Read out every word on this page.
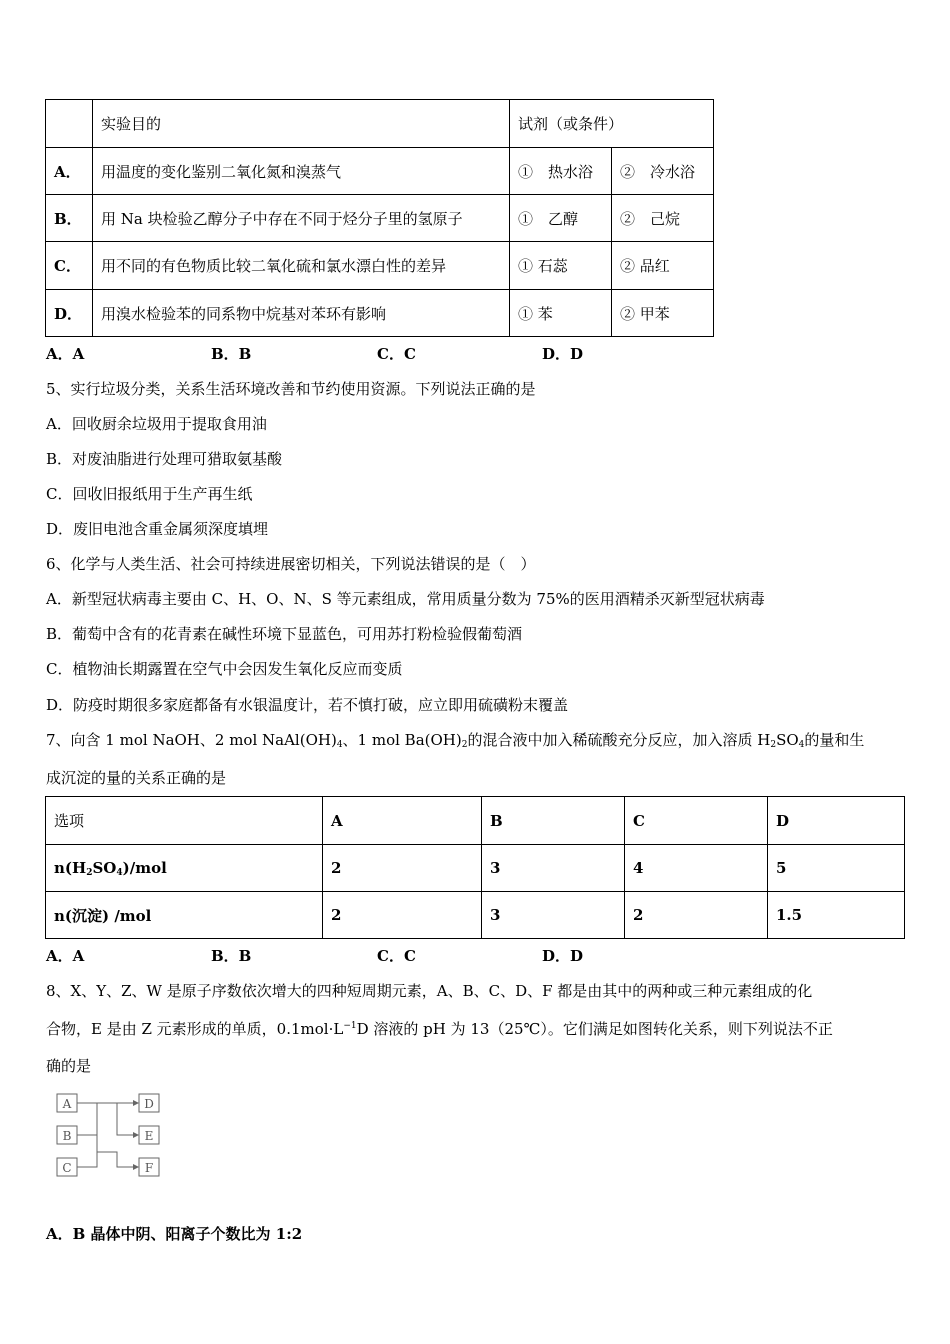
	实验目的	试剂（或条件）	
A．	用温度的变化鉴别二氧化氮和溴蒸气	①　热水浴	②　冷水浴
B．	用 Na 块检验乙醇分子中存在不同于烃分子里的氢原子	①　乙醇	②　己烷
C．	用不同的有色物质比较二氧化硫和氯水漂白性的差异	① 石蕊	② 品红
D．	用溴水检验苯的同系物中烷基对苯环有影响	① 苯	② 甲苯
A．A	B．B	C．C	D．D
5、实行垃圾分类，关系生活环境改善和节约使用资源。下列说法正确的是
A．回收厨余垃圾用于提取食用油
B．对废油脂进行处理可猎取氨基酸
C．回收旧报纸用于生产再生纸
D．废旧电池含重金属须深度填埋
6、化学与人类生活、社会可持续进展密切相关，下列说法错误的是（　）
A．新型冠状病毒主要由 C、H、O、N、S 等元素组成，常用质量分数为 75%的医用酒精杀灭新型冠状病毒
B．葡萄中含有的花青素在碱性环境下显蓝色，可用苏打粉检验假葡萄酒
C．植物油长期露置在空气中会因发生氧化反应而变质
D．防疫时期很多家庭都备有水银温度计，若不慎打破，应立即用硫磺粉末覆盖
7、向含 1 mol NaOH、2 mol $NaAl(OH)_4$、1 mol $Ba(OH)_2$的混合液中加入稀硫酸充分反应，加入溶质 $H_2SO_4$的量和生
成沉淀的量的关系正确的是
选项	A	B	C	D
$n(H_2SO_4)$/mol	2	3	4	5
n(沉淀) /mol	2	3	2	1.5
A．A	B．B	C．C	D．D
8、X、Y、Z、W 是原子序数依次增大的四种短周期元素，A、B、C、D、F 都是由其中的两种或三种元素组成的化
合物，E 是由 Z 元素形成的单质，$0.1mol\cdot L^{-1}D$ 溶液的 pH 为 13（25℃）。它们满足如图转化关系，则下列说法不正
确的是
A
B
C
D
E
F
A．B 晶体中阴、阳离子个数比为 1:2
